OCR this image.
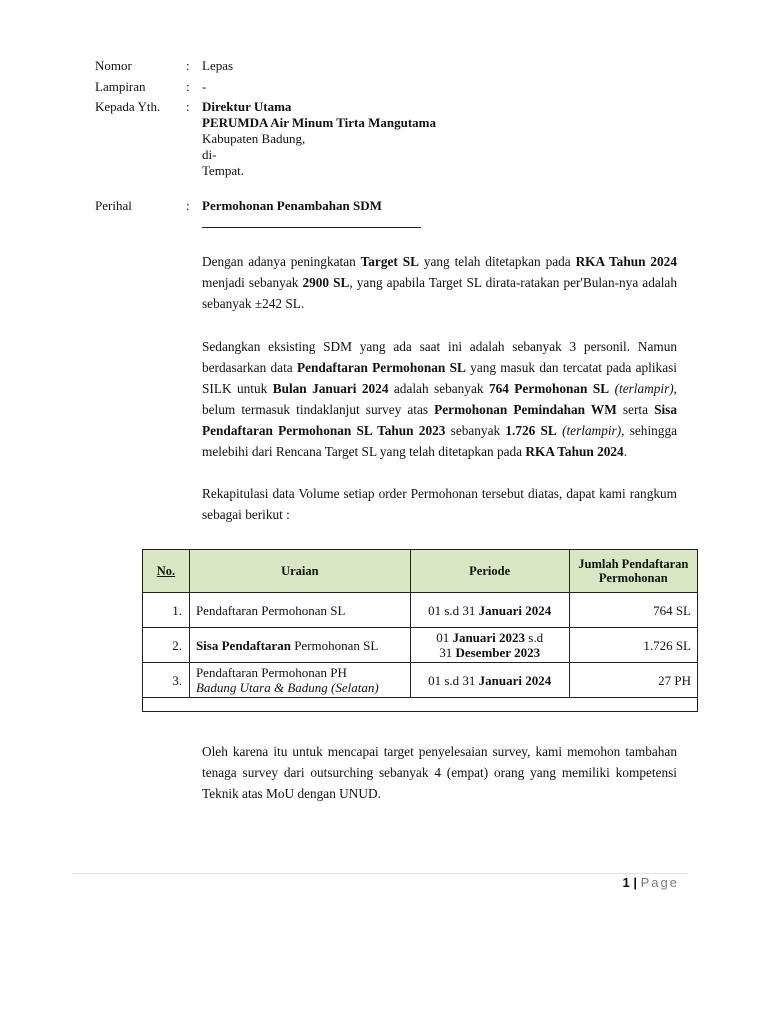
Nomor	: Lepas
Lampiran	: -
Kepada Yth.	: Direktur Utama
PERUMDA Air Minum Tirta Mangutama
Kabupaten Badung,
di-
Tempat.
Perihal	: Permohonan Penambahan SDM
Dengan adanya peningkatan Target SL yang telah ditetapkan pada RKA Tahun 2024 menjadi sebanyak 2900 SL, yang apabila Target SL dirata-ratakan per'Bulan-nya adalah sebanyak ±242 SL.
Sedangkan eksisting SDM yang ada saat ini adalah sebanyak 3 personil. Namun berdasarkan data Pendaftaran Permohonan SL yang masuk dan tercatat pada aplikasi SILK untuk Bulan Januari 2024 adalah sebanyak 764 Permohonan SL (terlampir), belum termasuk tindaklanjut survey atas Permohonan Pemindahan WM serta Sisa Pendaftaran Permohonan SL Tahun 2023 sebanyak 1.726 SL (terlampir), sehingga melebihi dari Rencana Target SL yang telah ditetapkan pada RKA Tahun 2024.
Rekapitulasi data Volume setiap order Permohonan tersebut diatas, dapat kami rangkum sebagai berikut :
No.	Uraian	Periode	Jumlah Pendaftaran Permohonan
1.	Pendaftaran Permohonan SL	01 s.d 31 Januari 2024	764 SL
2.	Sisa Pendaftaran Permohonan SL	01 Januari 2023 s.d
31 Desember 2023	1.726 SL
3.	Pendaftaran Permohonan PH
Badung Utara & Badung (Selatan)	01 s.d 31 Januari 2024	27 PH

Oleh karena itu untuk mencapai target penyelesaian survey, kami memohon tambahan tenaga survey dari outsurching sebanyak 4 (empat) orang yang memiliki kompetensi Teknik atas MoU dengan UNUD.
1 | Page
